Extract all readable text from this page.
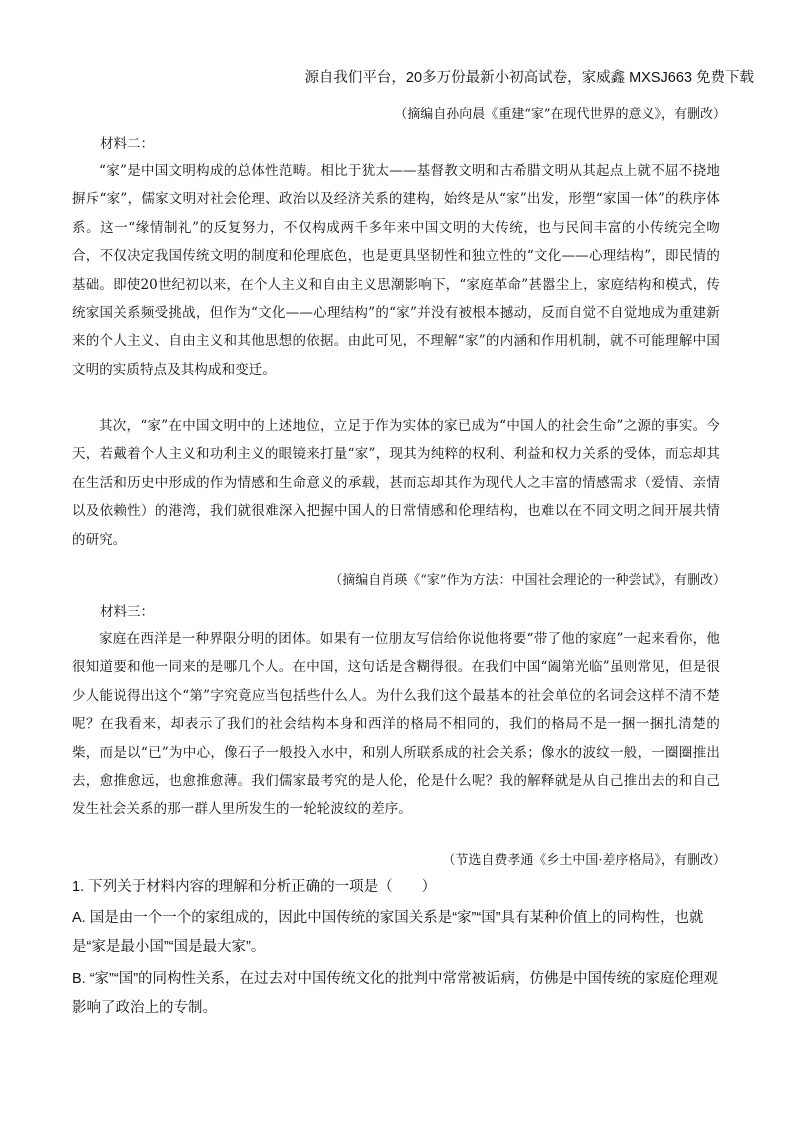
源自我们平台，20多万份最新小初高试卷，家威鑫 MXSJ663 免费下载
（摘编自孙向晨《重建“家”在现代世界的意义》，有删改）
材料二：

“家”是中国文明构成的总体性范畴。相比于犹太——基督教文明和古希腊文明从其起点上就不屈不挠地摒斥“家”，儒家文明对社会伦理、政治以及经济关系的建构，始终是从“家”出发，形塑“家国一体”的秩序体系。这一“缘情制礼”的反复努力，不仅构成两千多年来中国文明的大传统，也与民间丰富的小传统完全吻合，不仅决定我国传统文明的制度和伦理底色，也是更具坚韧性和独立性的“文化——心理结构”，即民情的基础。即使20世纪初以来，在个人主义和自由主义思潮影响下，“家庭革命”甚嚣尘上，家庭结构和模式，传统家国关系频受挑战，但作为“文化——心理结构”的“家”并没有被根本撼动，反而自觉不自觉地成为重建新来的个人主义、自由主义和其他思想的依据。由此可见，不理解“家”的内涵和作用机制，就不可能理解中国文明的实质特点及其构成和变迁。

其次，“家”在中国文明中的上述地位，立足于作为实体的家已成为“中国人的社会生命”之源的事实。今天，若戴着个人主义和功利主义的眼镜来打量“家”，现其为纯粹的权利、利益和权力关系的受体，而忘却其在生活和历史中形成的作为情感和生命意义的承载，甚而忘却其作为现代人之丰富的情感需求（爱情、亲情以及依赖性）的港湾，我们就很难深入把握中国人的日常情感和伦理结构，也难以在不同文明之间开展共情的研究。

（摘编自肖瑛《“家”作为方法：中国社会理论的一种尝试》，有删改）
材料三：

家庭在西洋是一种界限分明的团体。如果有一位朋友写信给你说他将要“带了他的家庭”一起来看你，他很知道要和他一同来的是哪几个人。在中国，这句话是含糊得很。在我们中国“阖第光临”虽则常见，但是很少人能说得出这个“第”字究竟应当包括些什么人。为什么我们这个最基本的社会单位的名词会这样不清不楚呢？在我看来，却表示了我们的社会结构本身和西洋的格局不相同的，我们的格局不是一捆一捆扎清楚的柴，而是以“已”为中心，像石子一般投入水中，和别人所联系成的社会关系；像水的波纹一般，一圈圈推出去，愈推愈远，也愈推愈薄。我们儒家最考究的是人伦，伦是什么呢？我的解释就是从自己推出去的和自己发生社会关系的那一群人里所发生的一轮轮波纹的差序。

（节选自费孝通《乡土中国·差序格局》，有删改）

1. 下列关于材料内容的理解和分析正确的一项是（　　）

A. 国是由一个一个的家组成的，因此中国传统的家国关系是“家”“国”具有某种价值上的同构性，也就是“家是最小国”“国是最大家”。

B. “家”“国”的同构性关系，在过去对中国传统文化的批判中常常被诟病，仿佛是中国传统的家庭伦理观影响了政治上的专制。
